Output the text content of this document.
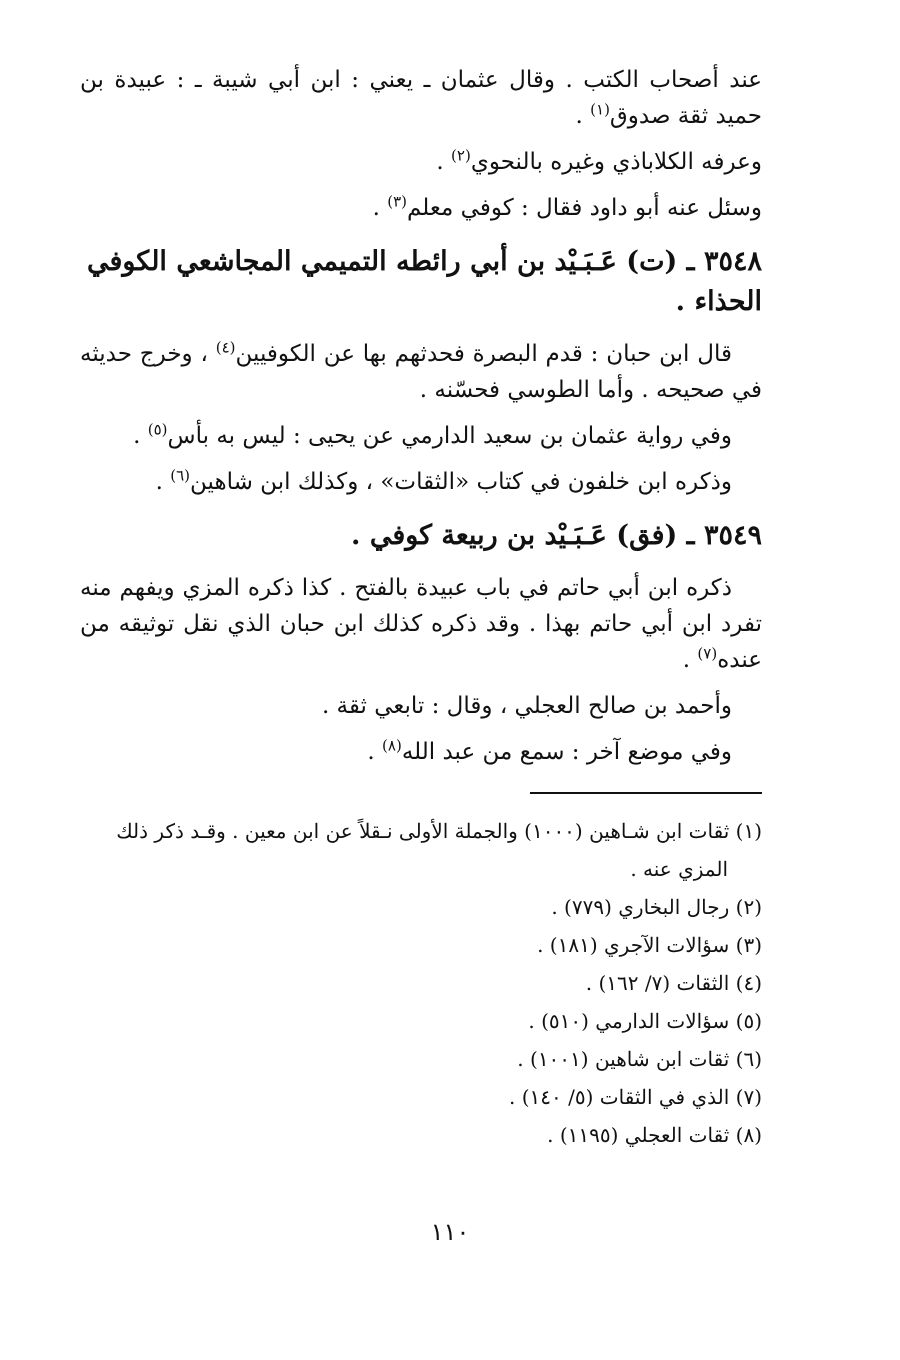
عند أصحاب الكتب . وقال عثمان ـ يعني : ابن أبي شيبة ـ : عبيدة بن حميد ثقة صدوق$^{(١)}$ .

وعرفه الكلاباذي وغيره بالنحوي$^{(٢)}$ .

وسئل عنه أبو داود فقال : كوفي معلم$^{(٣)}$ .

٣٥٤٨ ـ (ت) عَـبَـيْد بن أبي رائطه التميمي المجاشعي الكوفي الحذاء .

قال ابن حبان : قدم البصرة فحدثهم بها عن الكوفيين$^{(٤)}$ ، وخرج حديثه في صحيحه . وأما الطوسي فحسّنه .

وفي رواية عثمان بن سعيد الدارمي عن يحيى : ليس به بأس$^{(٥)}$ .

وذكره ابن خلفون في كتاب «الثقات» ، وكذلك ابن شاهين$^{(٦)}$ .

٣٥٤٩ ـ (فق) عَـبَـيْد بن ربيعة كوفي .

ذكره ابن أبي حاتم في باب عبيدة بالفتح . كذا ذكره المزي ويفهم منه تفرد ابن أبي حاتم بهذا . وقد ذكره كذلك ابن حبان الذي نقل توثيقه من عنده$^{(٧)}$ .

وأحمد بن صالح العجلي ، وقال : تابعي ثقة .

وفي موضع آخر : سمع من عبد الله$^{(٨)}$ .

(١) ثقات ابن شـاهين (١٠٠٠) والجملة الأولى نـقلاً عن ابن معين . وقـد ذكر ذلك

المزي عنه .

(٢) رجال البخاري (٧٧٩) .

(٣) سؤالات الآجري (١٨١) .

(٤) الثقات (٧/ ١٦٢) .

(٥) سؤالات الدارمي (٥١٠) .

(٦) ثقات ابن شاهين (١٠٠١) .

(٧) الذي في الثقات (٥/ ١٤٠) .

(٨) ثقات العجلي (١١٩٥) .

١١٠
